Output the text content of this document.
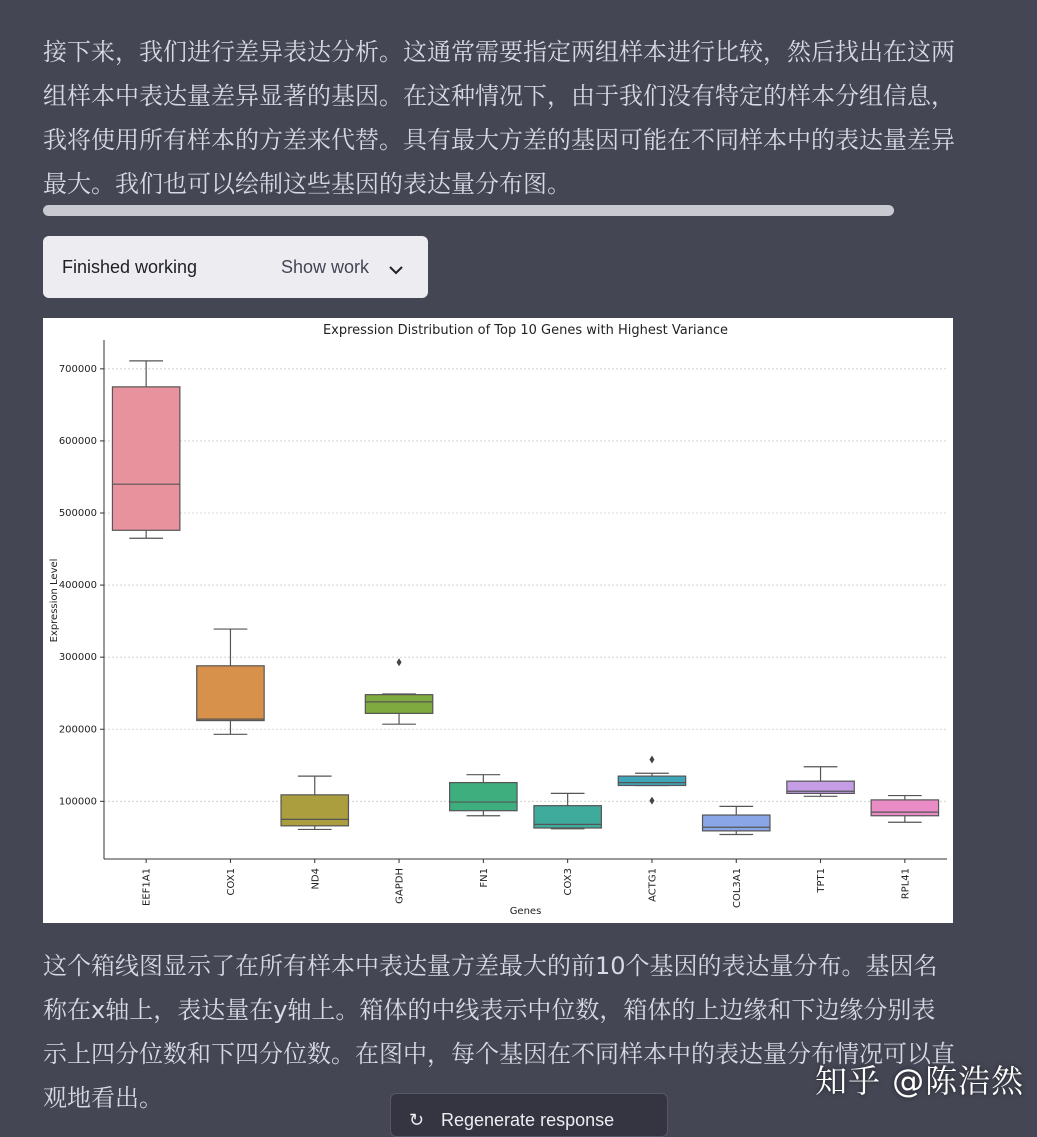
接下来，我们进行差异表达分析。这通常需要指定两组样本进行比较，然后找出在这两组样本中表达量差异显著的基因。在这种情况下，由于我们没有特定的样本分组信息，我将使用所有样本的方差来代替。具有最大方差的基因可能在不同样本中的表达量差异最大。我们也可以绘制这些基因的表达量分布图。

Finished working	Show work
Expression Distribution of Top 10 Genes with Highest Variance
100000
200000
300000
400000
500000
600000
700000
EEF1A1	COX1	ND4	GAPDH	FN1	COX3	ACTG1	COL3A1	TPT1	RPL41
Genes
Expression Level

这个箱线图显示了在所有样本中表达量方差最大的前10个基因的表达量分布。基因名称在x轴上，表达量在y轴上。箱体的中线表示中位数，箱体的上边缘和下边缘分别表示上四分位数和下四分位数。在图中，每个基因在不同样本中的表达量分布情况可以直观地看出。	知乎 @陈浩然
↻ Regenerate response
